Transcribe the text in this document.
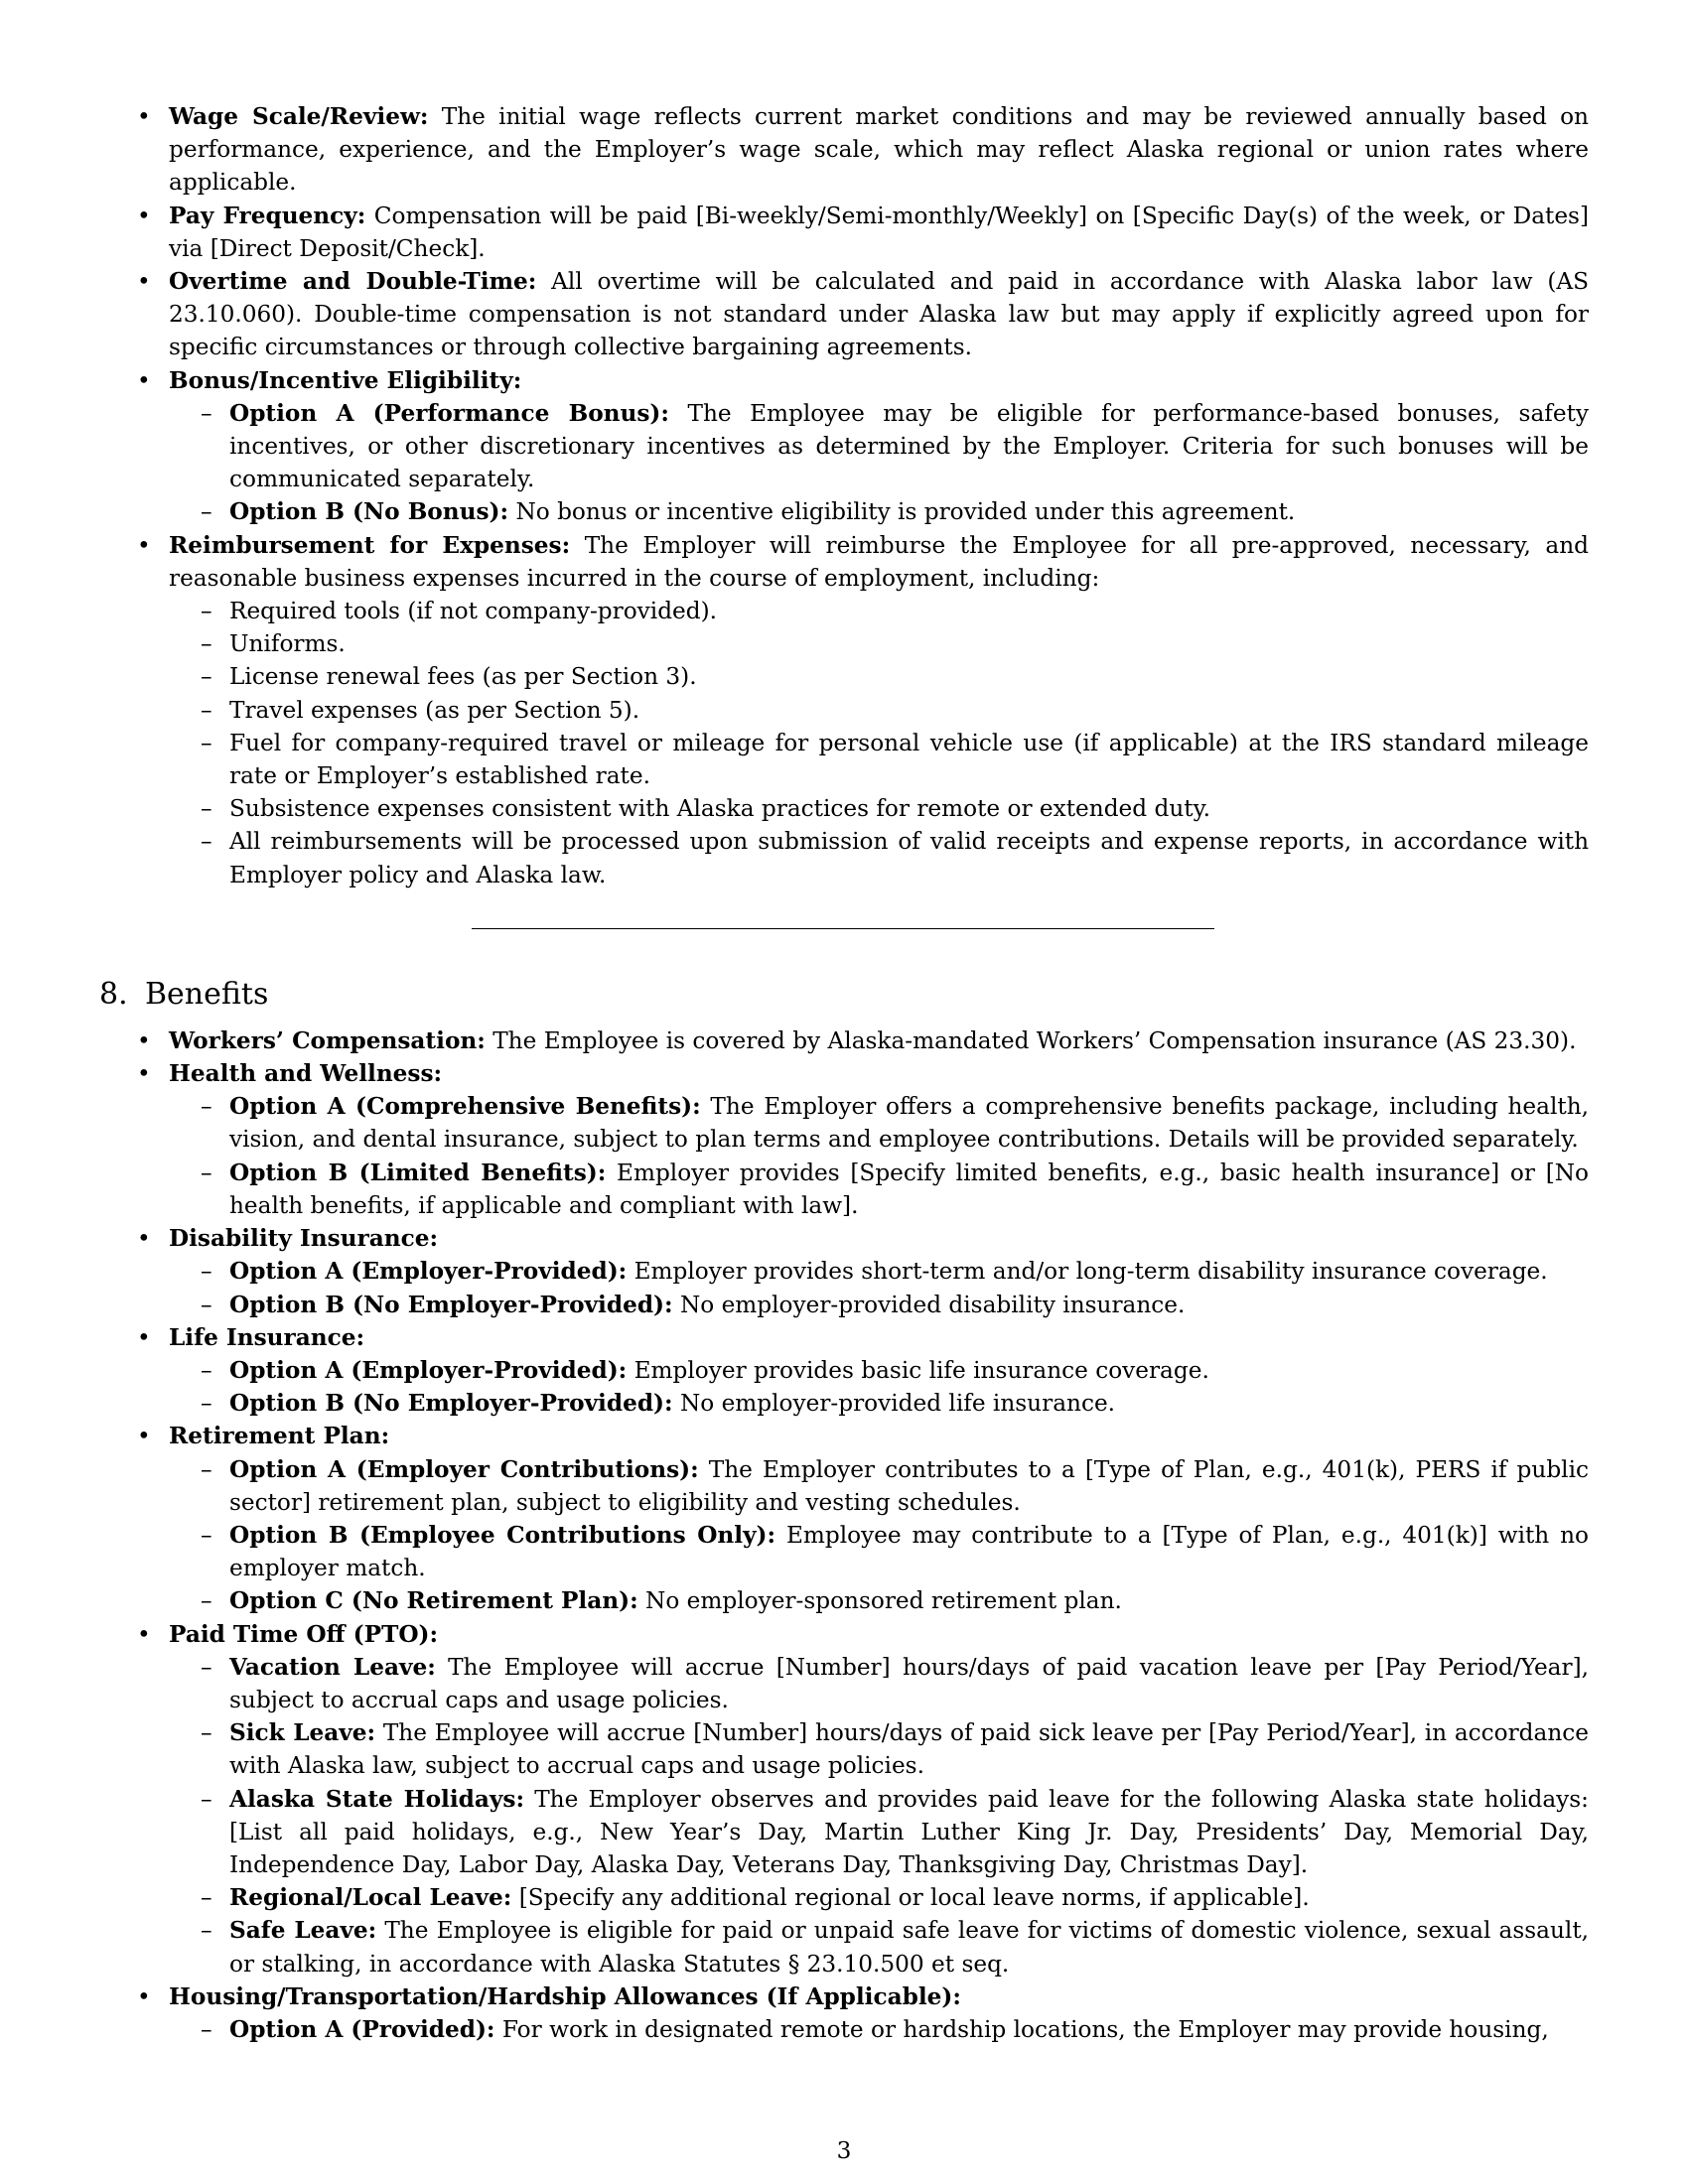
• Wage Scale/Review: The initial wage reflects current market conditions and may be reviewed annually based on performance, experience, and the Employer’s wage scale, which may reflect Alaska regional or union rates where applicable.
• Pay Frequency: Compensation will be paid [Bi-weekly/Semi-monthly/Weekly] on [Specific Day(s) of the week, or Dates] via [Direct Deposit/Check].
• Overtime and Double-Time: All overtime will be calculated and paid in accordance with Alaska labor law (AS 23.10.060). Double-time compensation is not standard under Alaska law but may apply if explicitly agreed upon for specific circumstances or through collective bargaining agreements.
• Bonus/Incentive Eligibility:
– Option A (Performance Bonus): The Employee may be eligible for performance-based bonuses, safety incentives, or other discretionary incentives as determined by the Employer. Criteria for such bonuses will be communicated separately.
– Option B (No Bonus): No bonus or incentive eligibility is provided under this agreement.
• Reimbursement for Expenses: The Employer will reimburse the Employee for all pre-approved, necessary, and reasonable business expenses incurred in the course of employment, including:
– Required tools (if not company-provided).
– Uniforms.
– License renewal fees (as per Section 3).
– Travel expenses (as per Section 5).
– Fuel for company-required travel or mileage for personal vehicle use (if applicable) at the IRS standard mileage rate or Employer’s established rate.
– Subsistence expenses consistent with Alaska practices for remote or extended duty.
– All reimbursements will be processed upon submission of valid receipts and expense reports, in accordance with Employer policy and Alaska law.
8. Benefits
• Workers’ Compensation: The Employee is covered by Alaska-mandated Workers’ Compensation insurance (AS 23.30).
• Health and Wellness:
– Option A (Comprehensive Benefits): The Employer offers a comprehensive benefits package, including health, vision, and dental insurance, subject to plan terms and employee contributions. Details will be provided separately.
– Option B (Limited Benefits): Employer provides [Specify limited benefits, e.g., basic health insurance] or [No health benefits, if applicable and compliant with law].
• Disability Insurance:
– Option A (Employer-Provided): Employer provides short-term and/or long-term disability insurance coverage.
– Option B (No Employer-Provided): No employer-provided disability insurance.
• Life Insurance:
– Option A (Employer-Provided): Employer provides basic life insurance coverage.
– Option B (No Employer-Provided): No employer-provided life insurance.
• Retirement Plan:
– Option A (Employer Contributions): The Employer contributes to a [Type of Plan, e.g., 401(k), PERS if public sector] retirement plan, subject to eligibility and vesting schedules.
– Option B (Employee Contributions Only): Employee may contribute to a [Type of Plan, e.g., 401(k)] with no employer match.
– Option C (No Retirement Plan): No employer-sponsored retirement plan.
• Paid Time Off (PTO):
– Vacation Leave: The Employee will accrue [Number] hours/days of paid vacation leave per [Pay Period/Year], subject to accrual caps and usage policies.
– Sick Leave: The Employee will accrue [Number] hours/days of paid sick leave per [Pay Period/Year], in accordance with Alaska law, subject to accrual caps and usage policies.
– Alaska State Holidays: The Employer observes and provides paid leave for the following Alaska state holidays: [List all paid holidays, e.g., New Year’s Day, Martin Luther King Jr. Day, Presidents’ Day, Memorial Day, Independence Day, Labor Day, Alaska Day, Veterans Day, Thanksgiving Day, Christmas Day].
– Regional/Local Leave: [Specify any additional regional or local leave norms, if applicable].
– Safe Leave: The Employee is eligible for paid or unpaid safe leave for victims of domestic violence, sexual assault, or stalking, in accordance with Alaska Statutes § 23.10.500 et seq.
• Housing/Transportation/Hardship Allowances (If Applicable):
– Option A (Provided): For work in designated remote or hardship locations, the Employer may provide housing,
3
